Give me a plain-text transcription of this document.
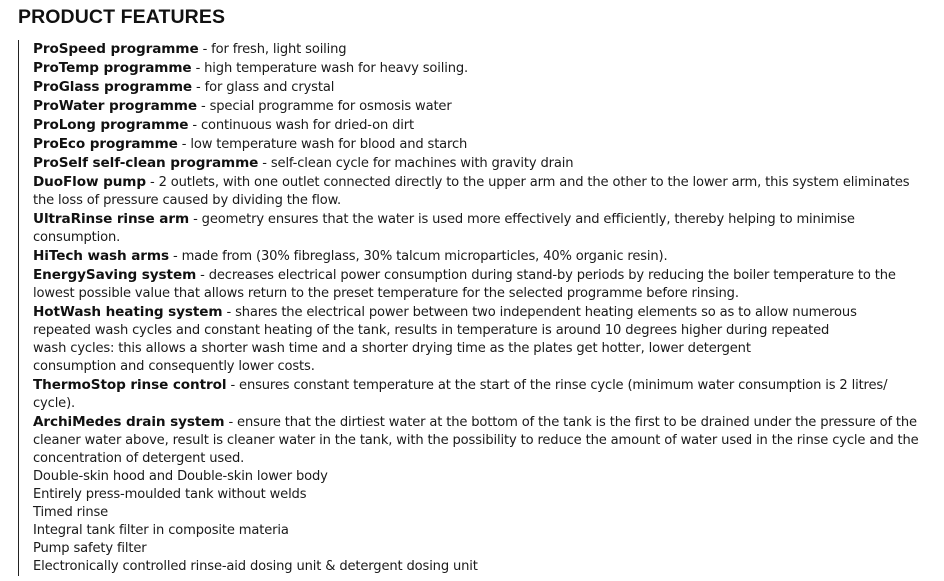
PRODUCT FEATURES
ProSpeed programme - for fresh, light soiling
ProTemp programme - high temperature wash for heavy soiling.
ProGlass programme - for glass and crystal
ProWater programme - special programme for osmosis water
ProLong programme - continuous wash for dried-on dirt
ProEco programme - low temperature wash for blood and starch
ProSelf self-clean programme - self-clean cycle for machines with gravity drain
DuoFlow pump - 2 outlets, with one outlet connected directly to the upper arm and the other to the lower arm, this system eliminates the loss of pressure caused by dividing the flow.
UltraRinse rinse arm - geometry ensures that the water is used more effectively and efficiently, thereby helping to minimise consumption.
HiTech wash arms - made from (30% fibreglass, 30% talcum microparticles, 40% organic resin).
EnergySaving system - decreases electrical power consumption during stand-by periods by reducing the boiler temperature to the lowest possible value that allows return to the preset temperature for the selected programme before rinsing.
HotWash heating system - shares the electrical power between two independent heating elements so as to allow numerous
repeated wash cycles and constant heating of the tank, results in temperature is around 10 degrees higher during repeated
wash cycles: this allows a shorter wash time and a shorter drying time as the plates get hotter, lower detergent
consumption and consequently lower costs.
ThermoStop rinse control - ensures constant temperature at the start of the rinse cycle (minimum water consumption is 2 litres/ cycle).
ArchiMedes drain system - ensure that the dirtiest water at the bottom of the tank is the first to be drained under the pressure of the cleaner water above, result is cleaner water in the tank, with the possibility to reduce the amount of water used in the rinse cycle and the concentration of detergent used.
Double-skin hood and Double-skin lower body
Entirely press-moulded tank without welds
Timed rinse
Integral tank filter in composite materia
Pump safety filter
Electronically controlled rinse-aid dosing unit & detergent dosing unit
